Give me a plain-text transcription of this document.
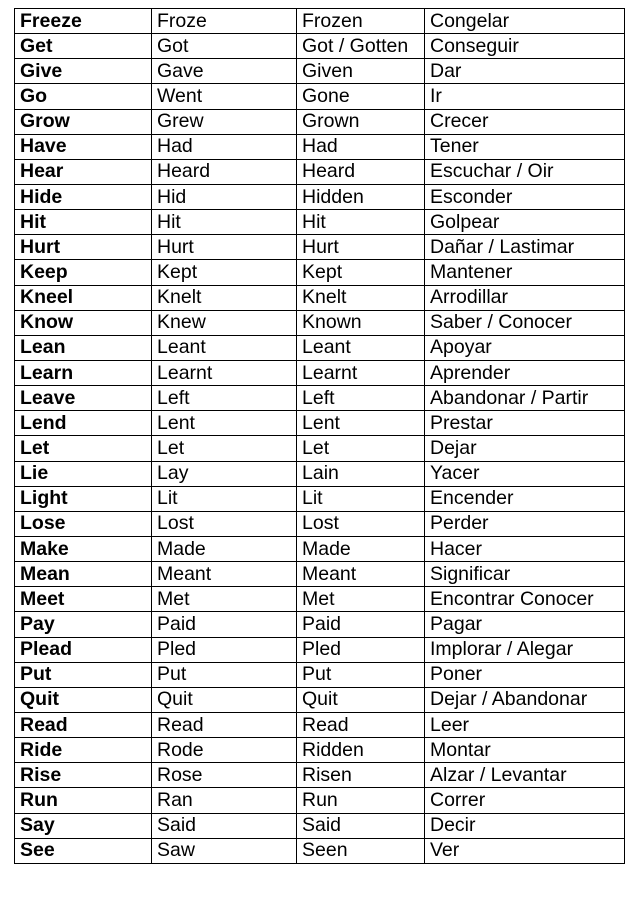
Freeze	Froze	Frozen	Congelar
Get	Got	Got / Gotten	Conseguir
Give	Gave	Given	Dar
Go	Went	Gone	Ir
Grow	Grew	Grown	Crecer
Have	Had	Had	Tener
Hear	Heard	Heard	Escuchar / Oir
Hide	Hid	Hidden	Esconder
Hit	Hit	Hit	Golpear
Hurt	Hurt	Hurt	Dañar / Lastimar
Keep	Kept	Kept	Mantener
Kneel	Knelt	Knelt	Arrodillar
Know	Knew	Known	Saber / Conocer
Lean	Leant	Leant	Apoyar
Learn	Learnt	Learnt	Aprender
Leave	Left	Left	Abandonar / Partir
Lend	Lent	Lent	Prestar
Let	Let	Let	Dejar
Lie	Lay	Lain	Yacer
Light	Lit	Lit	Encender
Lose	Lost	Lost	Perder
Make	Made	Made	Hacer
Mean	Meant	Meant	Significar
Meet	Met	Met	Encontrar Conocer
Pay	Paid	Paid	Pagar
Plead	Pled	Pled	Implorar / Alegar
Put	Put	Put	Poner
Quit	Quit	Quit	Dejar / Abandonar
Read	Read	Read	Leer
Ride	Rode	Ridden	Montar
Rise	Rose	Risen	Alzar / Levantar
Run	Ran	Run	Correr
Say	Said	Said	Decir
See	Saw	Seen	Ver
